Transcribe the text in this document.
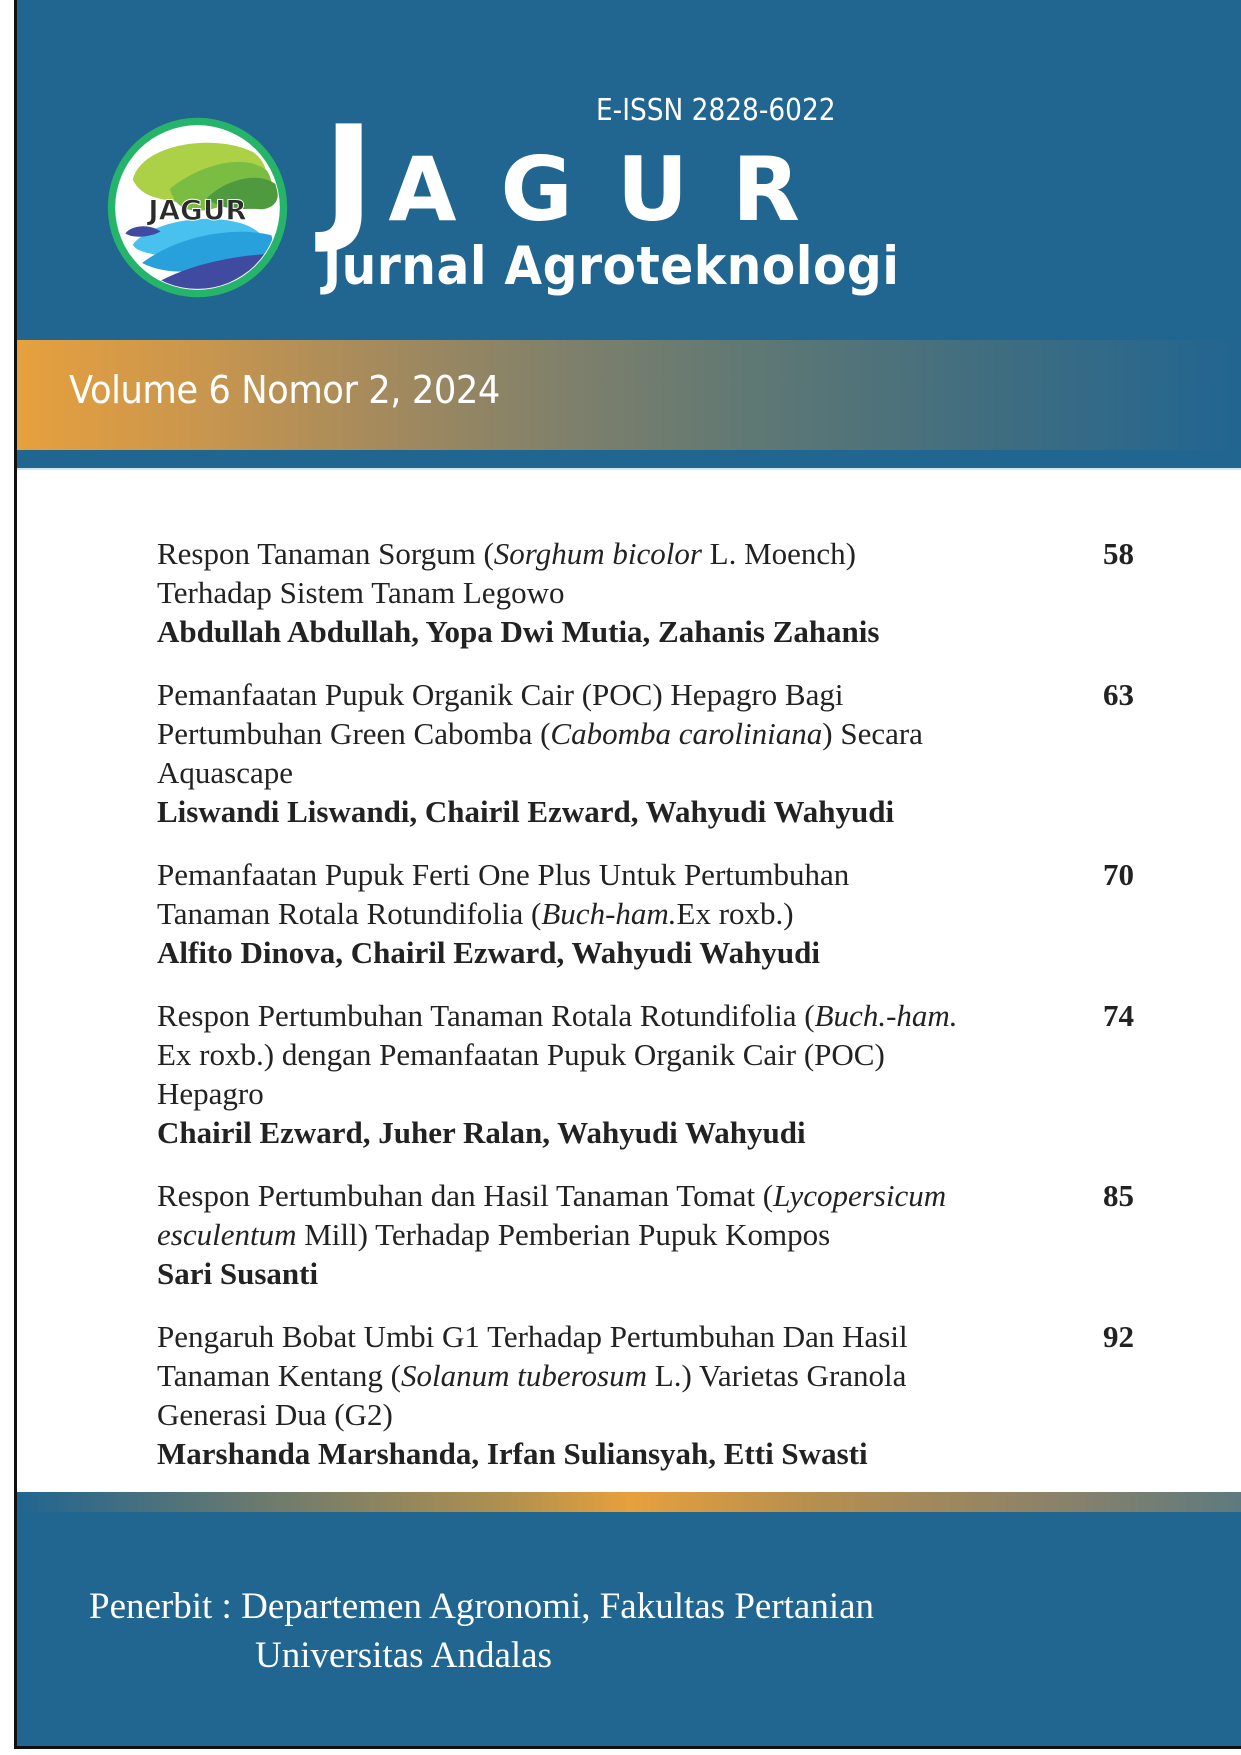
JAGUR
E-ISSN 2828-6022
J AGUR
Jurnal Agroteknologi
Volume 6 Nomor 2, 2024
Respon Tanaman Sorgum (Sorghum bicolor L. Moench)
Terhadap Sistem Tanam Legowo
Abdullah Abdullah, Yopa Dwi Mutia, Zahanis Zahanis
58
Pemanfaatan Pupuk Organik Cair (POC) Hepagro Bagi
Pertumbuhan Green Cabomba (Cabomba caroliniana) Secara
Aquascape
Liswandi Liswandi, Chairil Ezward, Wahyudi Wahyudi
63
Pemanfaatan Pupuk Ferti One Plus Untuk Pertumbuhan
Tanaman Rotala Rotundifolia (Buch-ham.Ex roxb.)
Alfito Dinova, Chairil Ezward, Wahyudi Wahyudi
70
Respon Pertumbuhan Tanaman Rotala Rotundifolia (Buch.-ham.
Ex roxb.) dengan Pemanfaatan Pupuk Organik Cair (POC)
Hepagro
Chairil Ezward, Juher Ralan, Wahyudi Wahyudi
74
Respon Pertumbuhan dan Hasil Tanaman Tomat (Lycopersicum
esculentum Mill) Terhadap Pemberian Pupuk Kompos
Sari Susanti
85
Pengaruh Bobat Umbi G1 Terhadap Pertumbuhan Dan Hasil
Tanaman Kentang (Solanum tuberosum L.) Varietas Granola
Generasi Dua (G2)
Marshanda Marshanda, Irfan Suliansyah, Etti Swasti
92
Penerbit : Departemen Agronomi, Fakultas Pertanian
Universitas Andalas
